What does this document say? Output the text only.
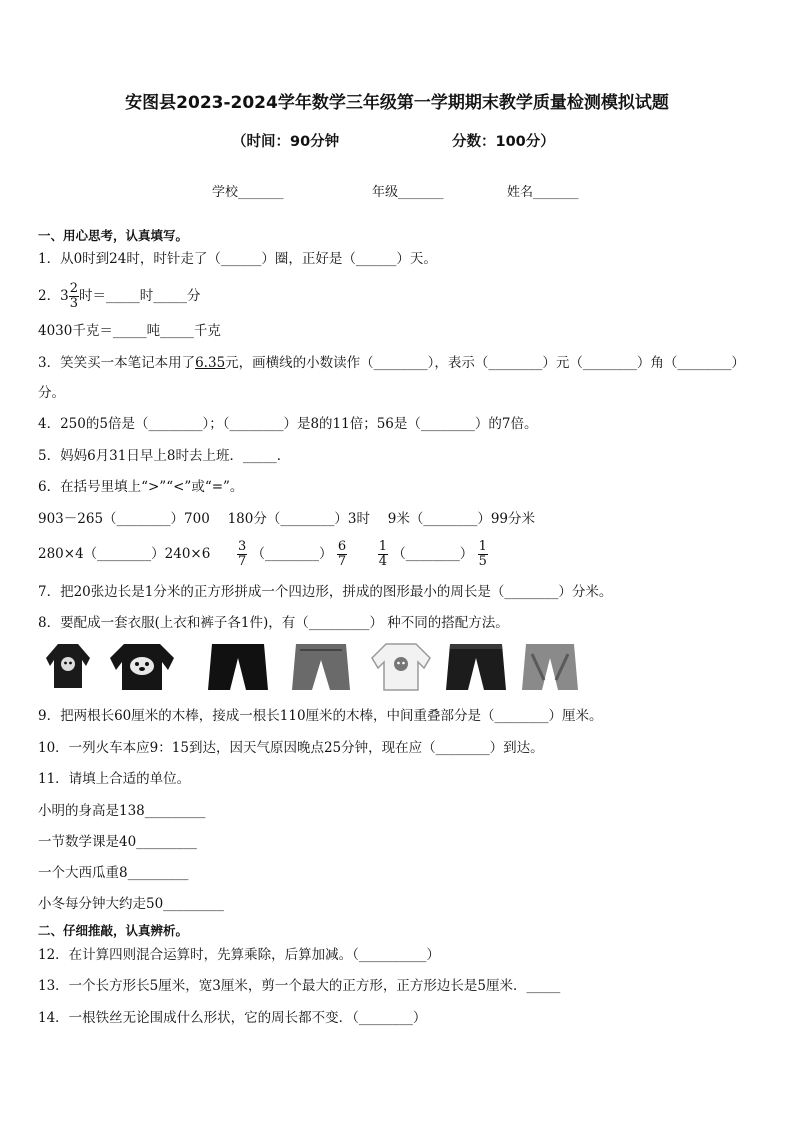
安图县2023-2024学年数学三年级第一学期期末教学质量检测模拟试题
（时间：90分钟	分数：100分）
学校_______	年级_______	姓名_______
一、用心思考，认真填写。
1．从0时到24时，时针走了（______）圈，正好是（______）天。
2．$3 \frac{2}{3}$ 时＝_____时_____分
4030千克＝_____吨_____千克
3．笑笑买一本笔记本用了6.35元，画横线的小数读作（________），表示（________）元（________）角（________）
分。
4．250的5倍是（________）；（________）是8的11倍；56是（________）的7倍。
5．妈妈6月31日早上8时去上班．_____．
6．在括号里填上“>”“<”或“=”。
903－265（________）700　 180分（________）3时　 9米（________）99分米
280×4（________）240×6 $\frac{3}{7}$ （________） $\frac{6}{7}$
$\frac{1}{4}$ （________） $\frac{1}{5}$
7．把20张边长是1分米的正方形拼成一个四边形，拼成的图形最小的周长是（________）分米。
8．要配成一套衣服(上衣和裤子各1件)，有（_________） 种不同的搭配方法。
9．把两根长60厘米的木棒，接成一根长110厘米的木棒，中间重叠部分是（________）厘米。
10．一列火车本应9：15到达，因天气原因晚点25分钟，现在应（________）到达。
11．请填上合适的单位。
小明的身高是138_________
一节数学课是40_________
一个大西瓜重8_________
小冬每分钟大约走50_________
二、仔细推敲，认真辨析。
12．在计算四则混合运算时，先算乘除，后算加减。（__________）
13．一个长方形长5厘米，宽3厘米，剪一个最大的正方形，正方形边长是5厘米．_____
14．一根铁丝无论围成什么形状，它的周长都不变．（________）
